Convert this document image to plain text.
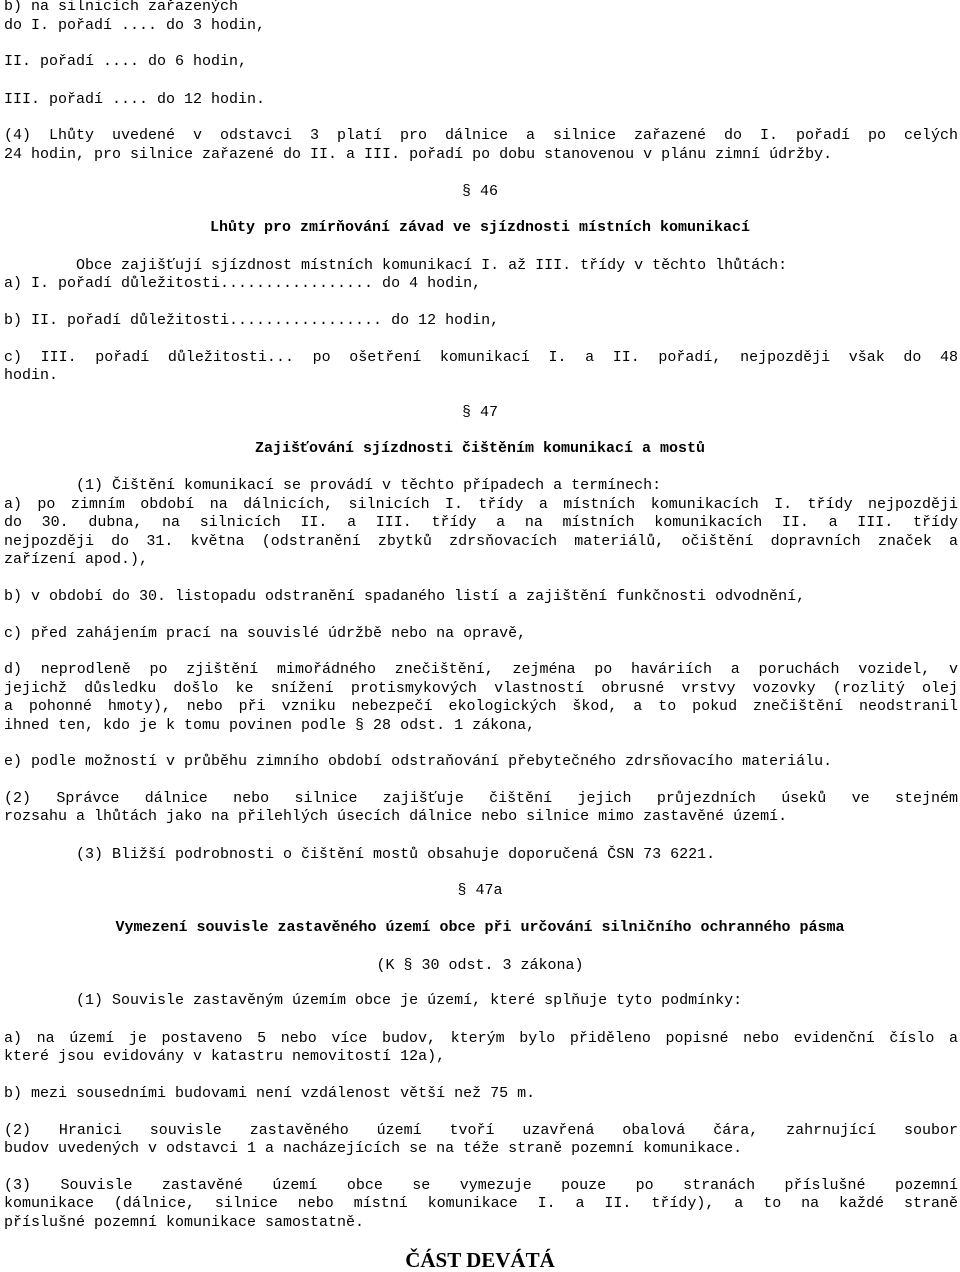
b) na silnicích zařazených
do I. pořadí .... do 3 hodin,
II. pořadí .... do 6 hodin,
III. pořadí .... do 12 hodin.
(4) Lhůty uvedené v odstavci 3 platí pro dálnice a silnice zařazené do I. pořadí po celých
24 hodin, pro silnice zařazené do II. a III. pořadí po dobu stanovenou v plánu zimní údržby.
§ 46
Lhůty pro zmírňování závad ve sjízdnosti místních komunikací
Obce zajišťují sjízdnost místních komunikací I. až III. třídy v těchto lhůtách:
a) I. pořadí důležitosti................. do 4 hodin,
b) II. pořadí důležitosti................. do 12 hodin,
c) III. pořadí důležitosti... po ošetření komunikací I. a II. pořadí, nejpozději však do 48
hodin.
§ 47
Zajišťování sjízdnosti čištěním komunikací a mostů
(1) Čištění komunikací se provádí v těchto případech a termínech:
a) po zimním období na dálnicích, silnicích I. třídy a místních komunikacích I. třídy nejpozději
do 30. dubna, na silnicích II. a III. třídy a na místních komunikacích II. a III. třídy
nejpozději do 31. května (odstranění zbytků zdrsňovacích materiálů, očištění dopravních značek a
zařízení apod.),
b) v období do 30. listopadu odstranění spadaného listí a zajištění funkčnosti odvodnění,
c) před zahájením prací na souvislé údržbě nebo na opravě,
d) neprodleně po zjištění mimořádného znečištění, zejména po haváriích a poruchách vozidel, v
jejichž důsledku došlo ke snížení protismykových vlastností obrusné vrstvy vozovky (rozlitý olej
a pohonné hmoty), nebo při vzniku nebezpečí ekologických škod, a to pokud znečištění neodstranil
ihned ten, kdo je k tomu povinen podle § 28 odst. 1 zákona,
e) podle možností v průběhu zimního období odstraňování přebytečného zdrsňovacího materiálu.
(2) Správce dálnice nebo silnice zajišťuje čištění jejich průjezdních úseků ve stejném
rozsahu a lhůtách jako na přilehlých úsecích dálnice nebo silnice mimo zastavěné území.
(3) Bližší podrobnosti o čištění mostů obsahuje doporučená ČSN 73 6221.
§ 47a
Vymezení souvisle zastavěného území obce při určování silničního ochranného pásma
(K § 30 odst. 3 zákona)
(1) Souvisle zastavěným územím obce je území, které splňuje tyto podmínky:
a) na území je postaveno 5 nebo více budov, kterým bylo přiděleno popisné nebo evidenční číslo a
které jsou evidovány v katastru nemovitostí 12a),
b) mezi sousedními budovami není vzdálenost větší než 75 m.
(2) Hranici souvisle zastavěného území tvoří uzavřená obalová čára, zahrnující soubor
budov uvedených v odstavci 1 a nacházejících se na téže straně pozemní komunikace.
(3) Souvisle zastavěné území obce se vymezuje pouze po stranách příslušné pozemní
komunikace (dálnice, silnice nebo místní komunikace I. a II. třídy), a to na každé straně
příslušné pozemní komunikace samostatně.
ČÁST DEVÁTÁ
